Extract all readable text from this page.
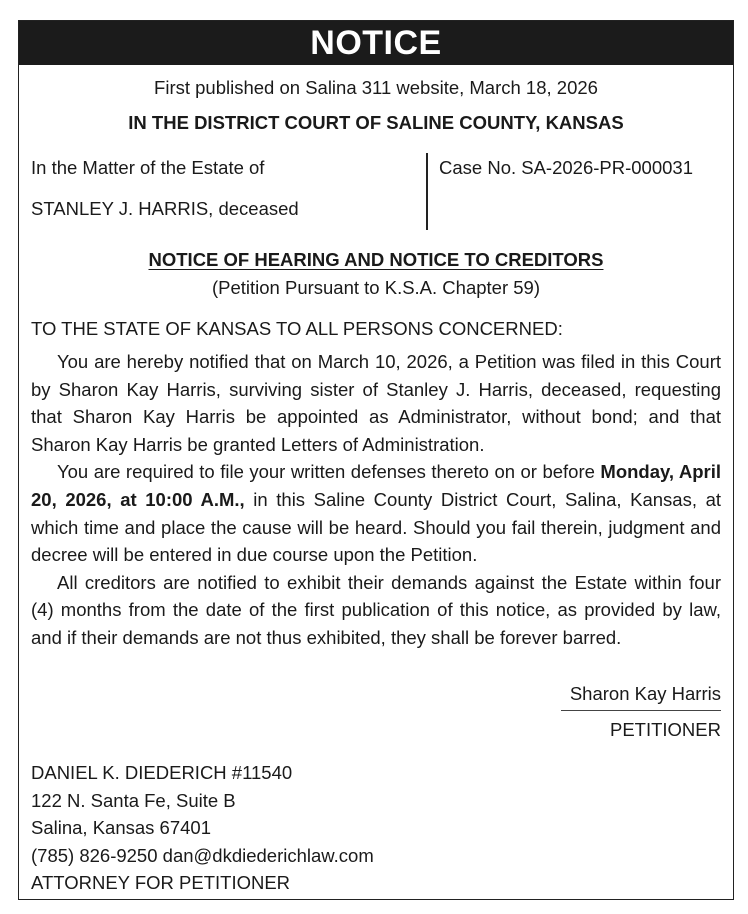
NOTICE
First published on Salina 311 website, March 18, 2026
IN THE DISTRICT COURT OF SALINE COUNTY, KANSAS
In the Matter of the Estate of
STANLEY J. HARRIS, deceased
Case No. SA-2026-PR-000031
NOTICE OF HEARING AND NOTICE TO CREDITORS
(Petition Pursuant to K.S.A. Chapter 59)
TO THE STATE OF KANSAS TO ALL PERSONS CONCERNED:

You are hereby notified that on March 10, 2026, a Petition was filed in this Court by Sharon Kay Harris, surviving sister of Stanley J. Harris, deceased, requesting that Sharon Kay Harris be appointed as Administrator, without bond; and that Sharon Kay Harris be granted Letters of Administration.

You are required to file your written defenses thereto on or before Monday, April 20, 2026, at 10:00 A.M., in this Saline County District Court, Salina, Kansas, at which time and place the cause will be heard. Should you fail therein, judgment and decree will be entered in due course upon the Petition.

All creditors are notified to exhibit their demands against the Estate within four (4) months from the date of the first publication of this notice, as provided by law, and if their demands are not thus exhibited, they shall be forever barred.

Sharon Kay Harris
PETITIONER
DANIEL K. DIEDERICH #11540
122 N. Santa Fe, Suite B
Salina, Kansas 67401
(785) 826-9250 dan@dkdiederichlaw.com
ATTORNEY FOR PETITIONER
